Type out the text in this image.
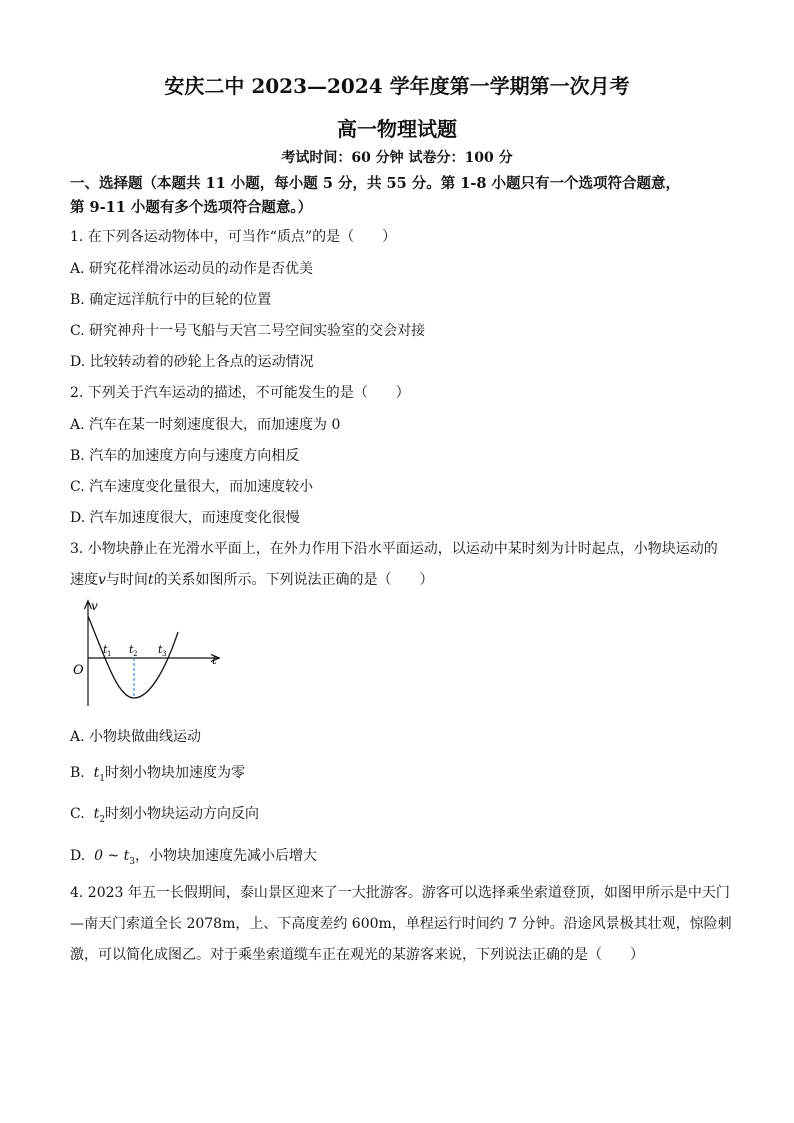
安庆二中 2023—2024 学年度第一学期第一次月考
高一物理试题
考试时间：60 分钟 试卷分：100 分
一、选择题（本题共 11 小题，每小题 5 分，共 55 分。第 1-8 小题只有一个选项符合题意，
第 9-11 小题有多个选项符合题意。）
1. 在下列各运动物体中，可当作“质点”的是（　　）
A. 研究花样滑冰运动员的动作是否优美
B. 确定远洋航行中的巨轮的位置
C. 研究神舟十一号飞船与天宫二号空间实验室的交会对接
D. 比较转动着的砂轮上各点的运动情况
2. 下列关于汽车运动的描述，不可能发生的是（　　）
A. 汽车在某一时刻速度很大，而加速度为 0
B. 汽车的加速度方向与速度方向相反
C. 汽车速度变化量很大，而加速度较小
D. 汽车加速度很大，而速度变化很慢
3. 小物块静止在光滑水平面上，在外力作用下沿水平面运动，以运动中某时刻为计时起点，小物块运动的
速度v与时间t的关系如图所示。下列说法正确的是（　　）
v
t
O
t 1 t 2 t 3
A. 小物块做曲线运动
B. $t_1$时刻小物块加速度为零
C. $t_2$时刻小物块运动方向反向
D. 0 ~ $t_3$，小物块加速度先减小后增大
4. 2023 年五一长假期间，泰山景区迎来了一大批游客。游客可以选择乘坐索道登顶，如图甲所示是中天门
—南天门索道全长 2078m，上、下高度差约 600m，单程运行时间约 7 分钟。沿途风景极其壮观，惊险刺
激，可以简化成图乙。对于乘坐索道缆车正在观光的某游客来说，下列说法正确的是（　　）
